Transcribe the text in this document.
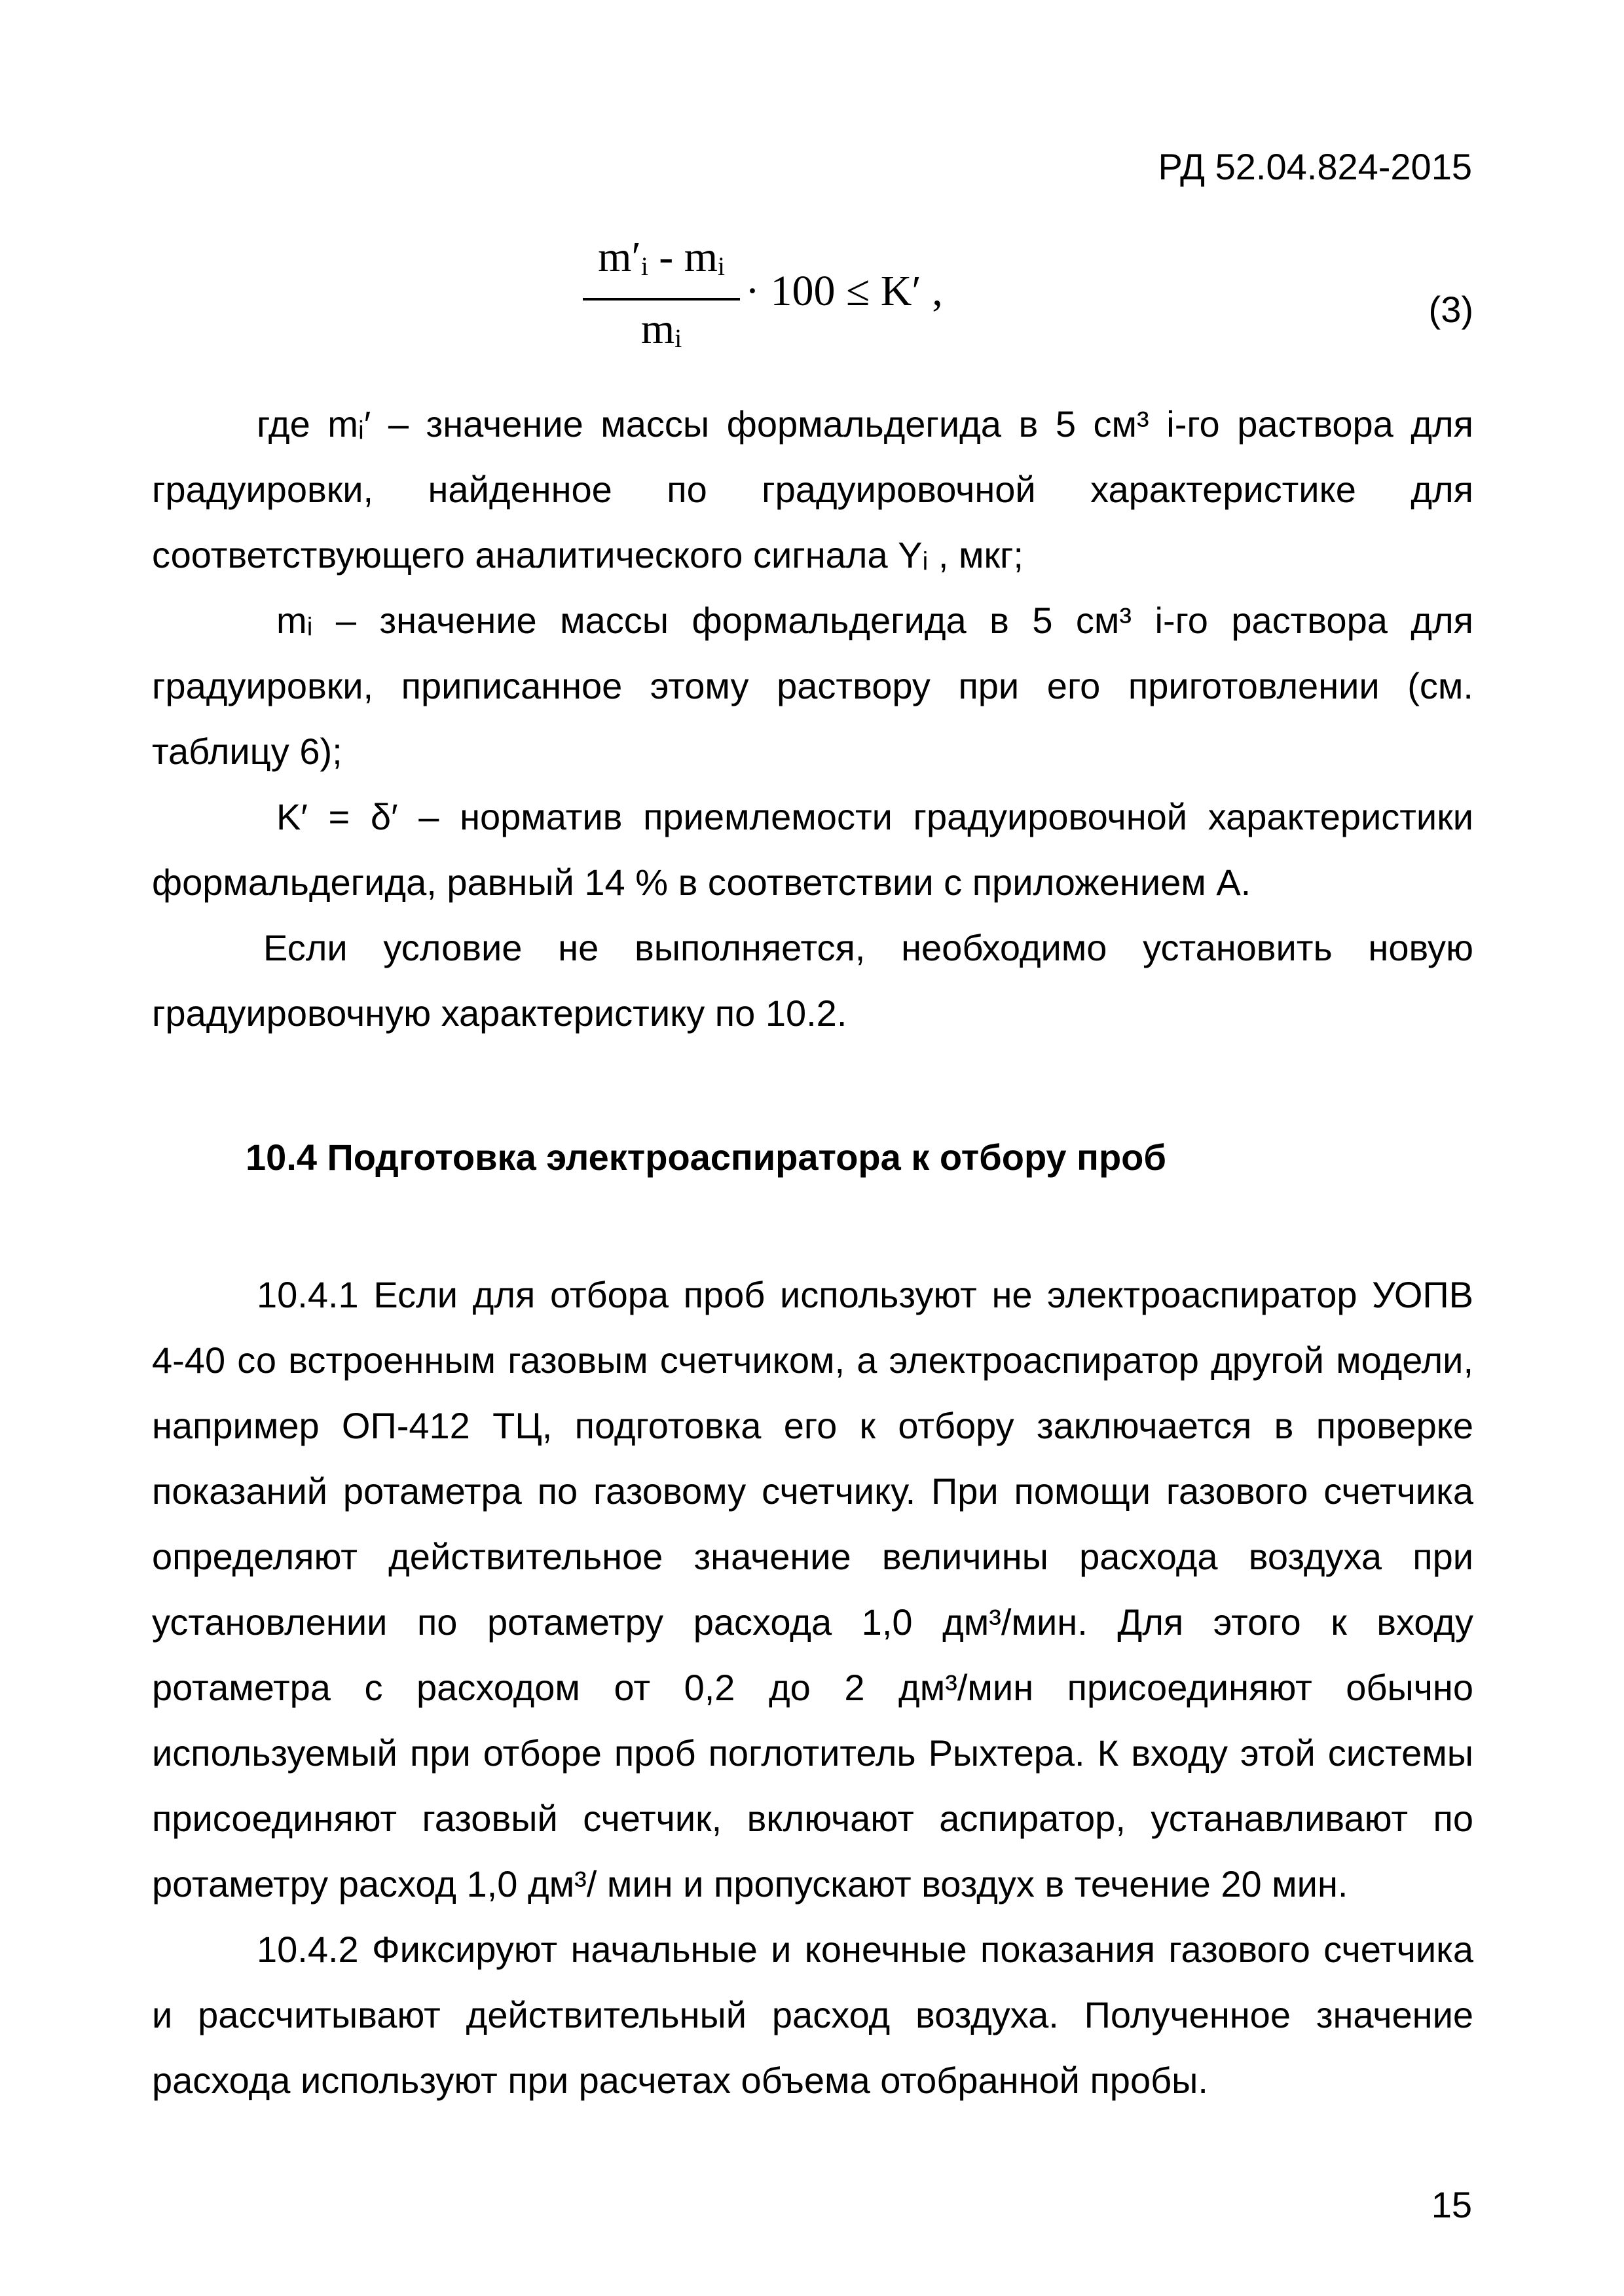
РД 52.04.824-2015
m′ᵢ - mᵢ
mᵢ
· 100 ≤ K′ ,	(3)

где mᵢ′ – значение массы формальдегида в 5 см³ i-го раствора для градуировки, найденное по градуировочной характеристике для соответствующего аналитического сигнала Yᵢ , мкг;

mᵢ – значение массы формальдегида в 5 см³ i-го раствора для градуировки, приписанное этому раствору при его приготовлении (см. таблицу 6);

K′ = δ′ – норматив приемлемости градуировочной характеристики формальдегида, равный 14 % в соответствии с приложением А.

Если условие не выполняется, необходимо установить новую градуировочную характеристику по 10.2.

10.4 Подготовка электроаспиратора к отбору проб

10.4.1 Если для отбора проб используют не электроаспиратор УОПВ 4-40 со встроенным газовым счетчиком, а электроаспиратор другой модели, например ОП-412 ТЦ, подготовка его к отбору заключается в проверке показаний ротаметра по газовому счетчику. При помощи газового счетчика определяют действительное значение величины расхода воздуха при установлении по ротаметру расхода 1,0 дм³/мин. Для этого к входу ротаметра с расходом от 0,2 до 2 дм³/мин присоединяют обычно используемый при отборе проб поглотитель Рыхтера. К входу этой системы присоединяют газовый счетчик, включают аспиратор, устанавливают по ротаметру расход 1,0 дм³/ мин и пропускают воздух в течение 20 мин.

10.4.2 Фиксируют начальные и конечные показания газового счетчика и рассчитывают действительный расход воздуха. Полученное значение расхода используют при расчетах объема отобранной пробы.

15
